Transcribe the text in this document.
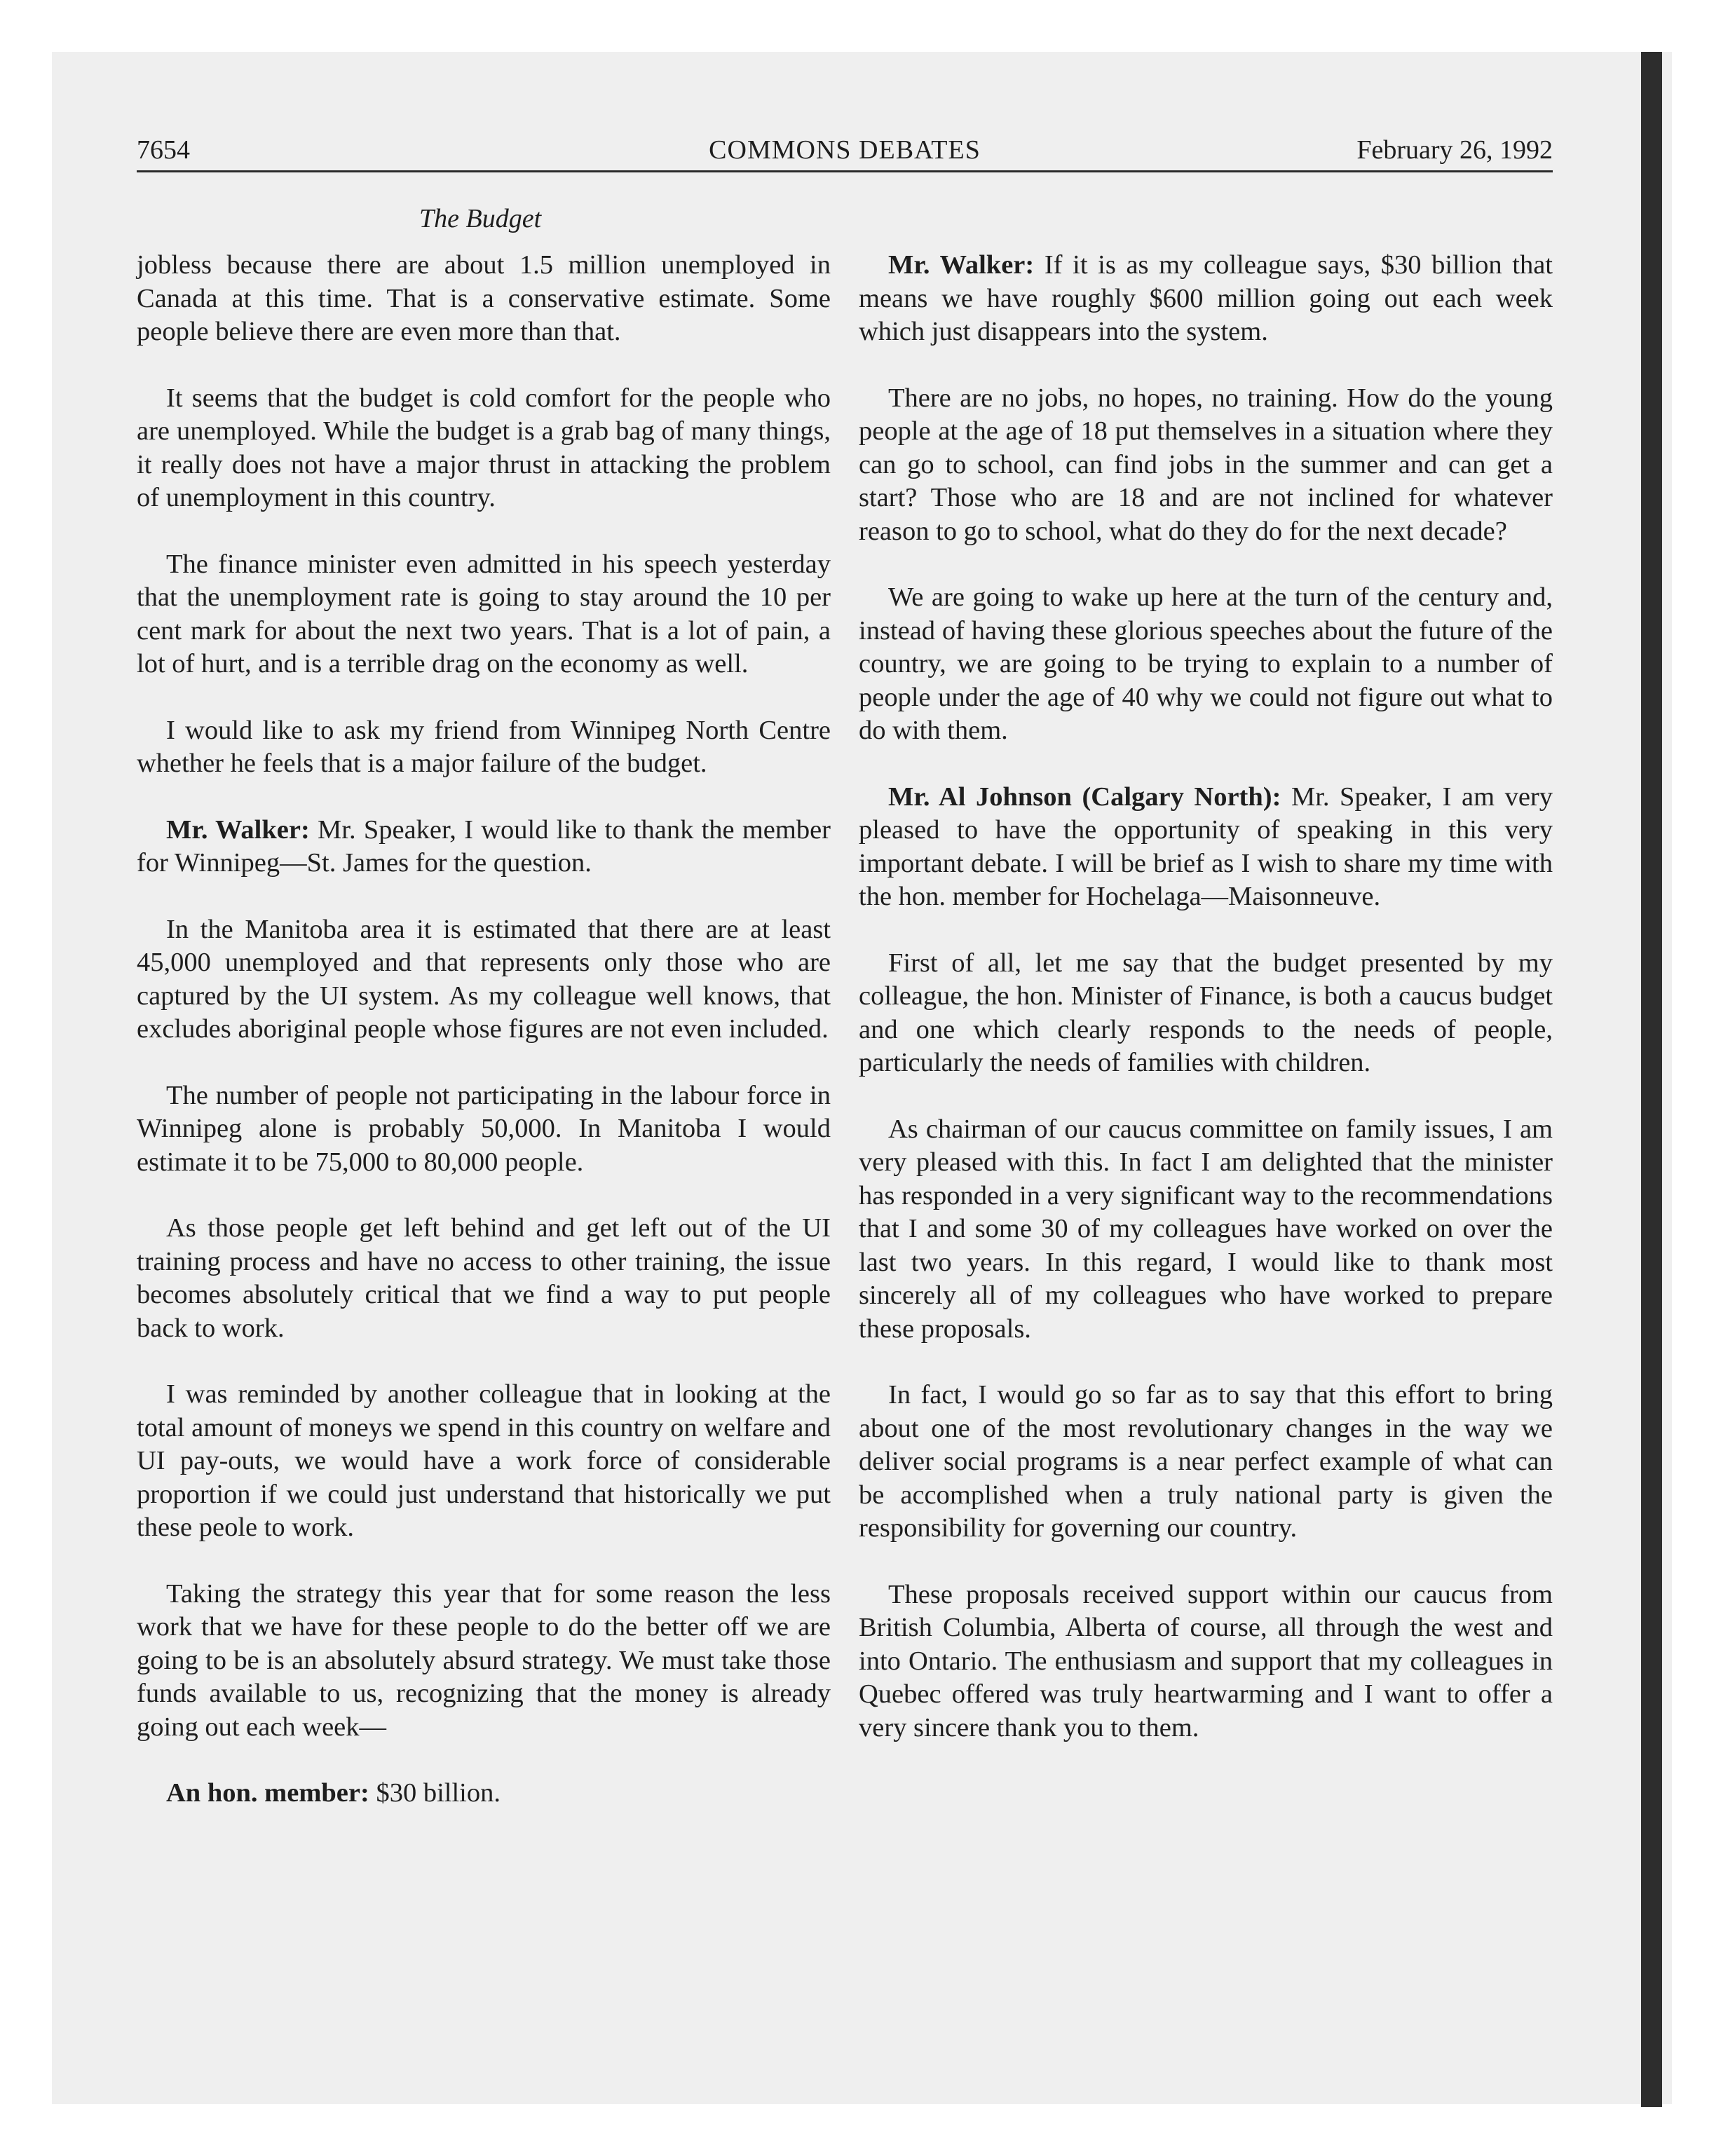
7654	COMMONS DEBATES	February 26, 1992
The Budget

jobless because there are about 1.5 million unemployed in Canada at this time. That is a conservative estimate. Some people believe there are even more than that.

It seems that the budget is cold comfort for the people who are unemployed. While the budget is a grab bag of many things, it really does not have a major thrust in attacking the problem of unemployment in this country.

The finance minister even admitted in his speech yesterday that the unemployment rate is going to stay around the 10 per cent mark for about the next two years. That is a lot of pain, a lot of hurt, and is a terrible drag on the economy as well.

I would like to ask my friend from Winnipeg North Centre whether he feels that is a major failure of the budget.

Mr. Walker: Mr. Speaker, I would like to thank the member for Winnipeg—St. James for the question.

In the Manitoba area it is estimated that there are at least 45,000 unemployed and that represents only those who are captured by the UI system. As my colleague well knows, that excludes aboriginal people whose figures are not even included.

The number of people not participating in the labour force in Winnipeg alone is probably 50,000. In Manitoba I would estimate it to be 75,000 to 80,000 people.

As those people get left behind and get left out of the UI training process and have no access to other training, the issue becomes absolutely critical that we find a way to put people back to work.

I was reminded by another colleague that in looking at the total amount of moneys we spend in this country on welfare and UI pay-outs, we would have a work force of considerable proportion if we could just understand that historically we put these peole to work.

Taking the strategy this year that for some reason the less work that we have for these people to do the better off we are going to be is an absolutely absurd strategy. We must take those funds available to us, recognizing that the money is already going out each week—

An hon. member: $30 billion.

Mr. Walker: If it is as my colleague says, $30 billion that means we have roughly $600 million going out each week which just disappears into the system.

There are no jobs, no hopes, no training. How do the young people at the age of 18 put themselves in a situation where they can go to school, can find jobs in the summer and can get a start? Those who are 18 and are not inclined for whatever reason to go to school, what do they do for the next decade?

We are going to wake up here at the turn of the century and, instead of having these glorious speeches about the future of the country, we are going to be trying to explain to a number of people under the age of 40 why we could not figure out what to do with them.

Mr. Al Johnson (Calgary North): Mr. Speaker, I am very pleased to have the opportunity of speaking in this very important debate. I will be brief as I wish to share my time with the hon. member for Hochelaga—Maisonneuve.

First of all, let me say that the budget presented by my colleague, the hon. Minister of Finance, is both a caucus budget and one which clearly responds to the needs of people, particularly the needs of families with children.

As chairman of our caucus committee on family issues, I am very pleased with this. In fact I am delighted that the minister has responded in a very significant way to the recommendations that I and some 30 of my colleagues have worked on over the last two years. In this regard, I would like to thank most sincerely all of my colleagues who have worked to prepare these proposals.

In fact, I would go so far as to say that this effort to bring about one of the most revolutionary changes in the way we deliver social programs is a near perfect example of what can be accomplished when a truly national party is given the responsibility for governing our country.

These proposals received support within our caucus from British Columbia, Alberta of course, all through the west and into Ontario. The enthusiasm and support that my colleagues in Quebec offered was truly heartwarming and I want to offer a very sincere thank you to them.
